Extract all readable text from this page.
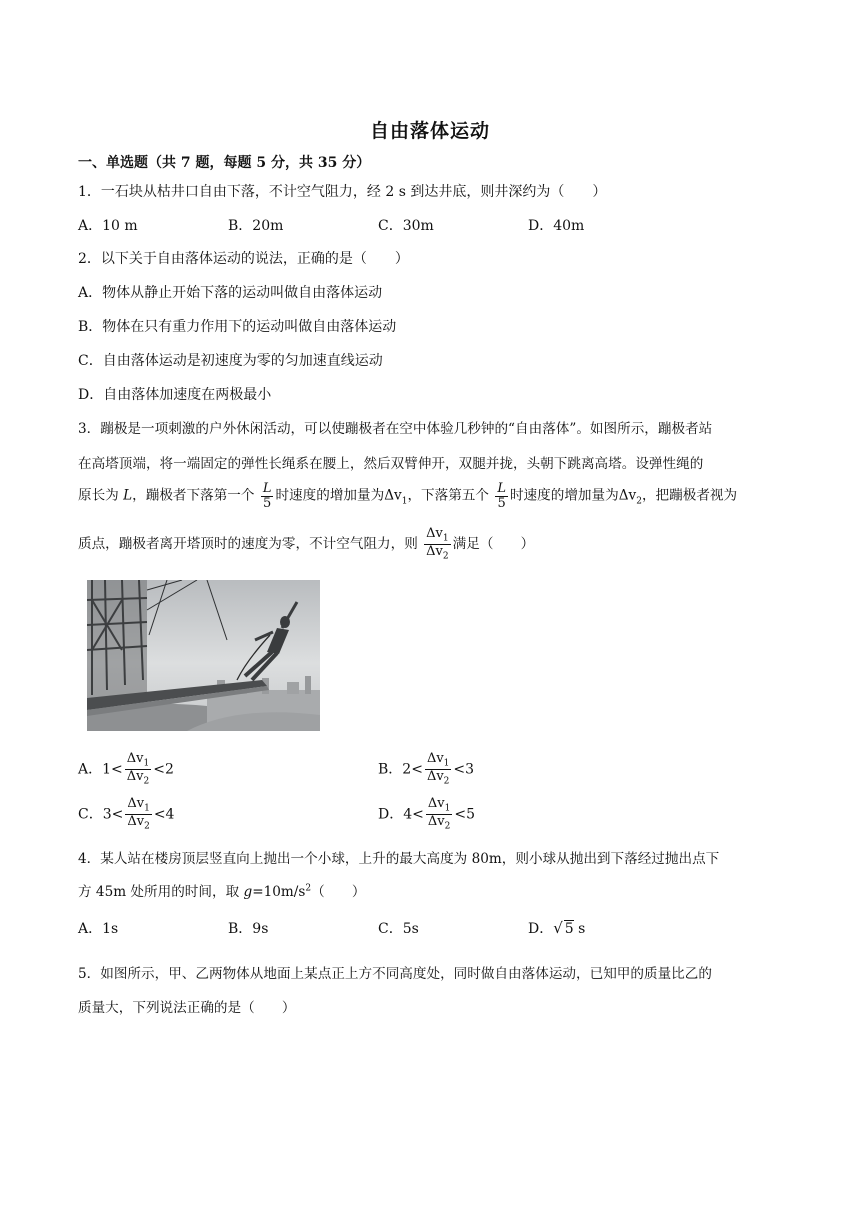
自由落体运动
一、单选题（共 7 题，每题 5 分，共 35 分）
1．一石块从枯井口自由下落，不计空气阻力，经 2 s 到达井底，则井深约为（　　）
A．10 m	B．20m	C．30m	D．40m
2．以下关于自由落体运动的说法，正确的是（　　）
A．物体从静止开始下落的运动叫做自由落体运动
B．物体在只有重力作用下的运动叫做自由落体运动
C．自由落体运动是初速度为零的匀加速直线运动
D．自由落体加速度在两极最小
3．蹦极是一项刺激的户外休闲活动，可以使蹦极者在空中体验几秒钟的“自由落体”。如图所示，蹦极者站
在高塔顶端，将一端固定的弹性长绳系在腰上，然后双臂伸开，双腿并拢，头朝下跳离高塔。设弹性绳的
原长为 L，蹦极者下落第一个 $\frac{L}{5}$ 时速度的增加量为$\Delta v_1$，下落第五个 $\frac{L}{5}$ 时速度的增加量为$\Delta v_2$，把蹦极者视为
质点，蹦极者离开塔顶时的速度为零，不计空气阻力，则 $\frac{\Delta v_1}{\Delta v_2}$ 满足（　　）
A．$1< \frac{\Delta v_1}{\Delta v_2} <2$	B．$2< \frac{\Delta v_1}{\Delta v_2} <3$
C．$3< \frac{\Delta v_1}{\Delta v_2} <4$	D．$4< \frac{\Delta v_1}{\Delta v_2} <5$
4．某人站在楼房顶层竖直向上抛出一个小球，上升的最大高度为 80m，则小球从抛出到下落经过抛出点下
方 45m 处所用的时间，取 $g=10m/s^2$（　　）
A．1s	B．9s	C．5s	D．√ 5 s
5．如图所示，甲、乙两物体从地面上某点正上方不同高度处，同时做自由落体运动，已知甲的质量比乙的
质量大，下列说法正确的是（　　）
